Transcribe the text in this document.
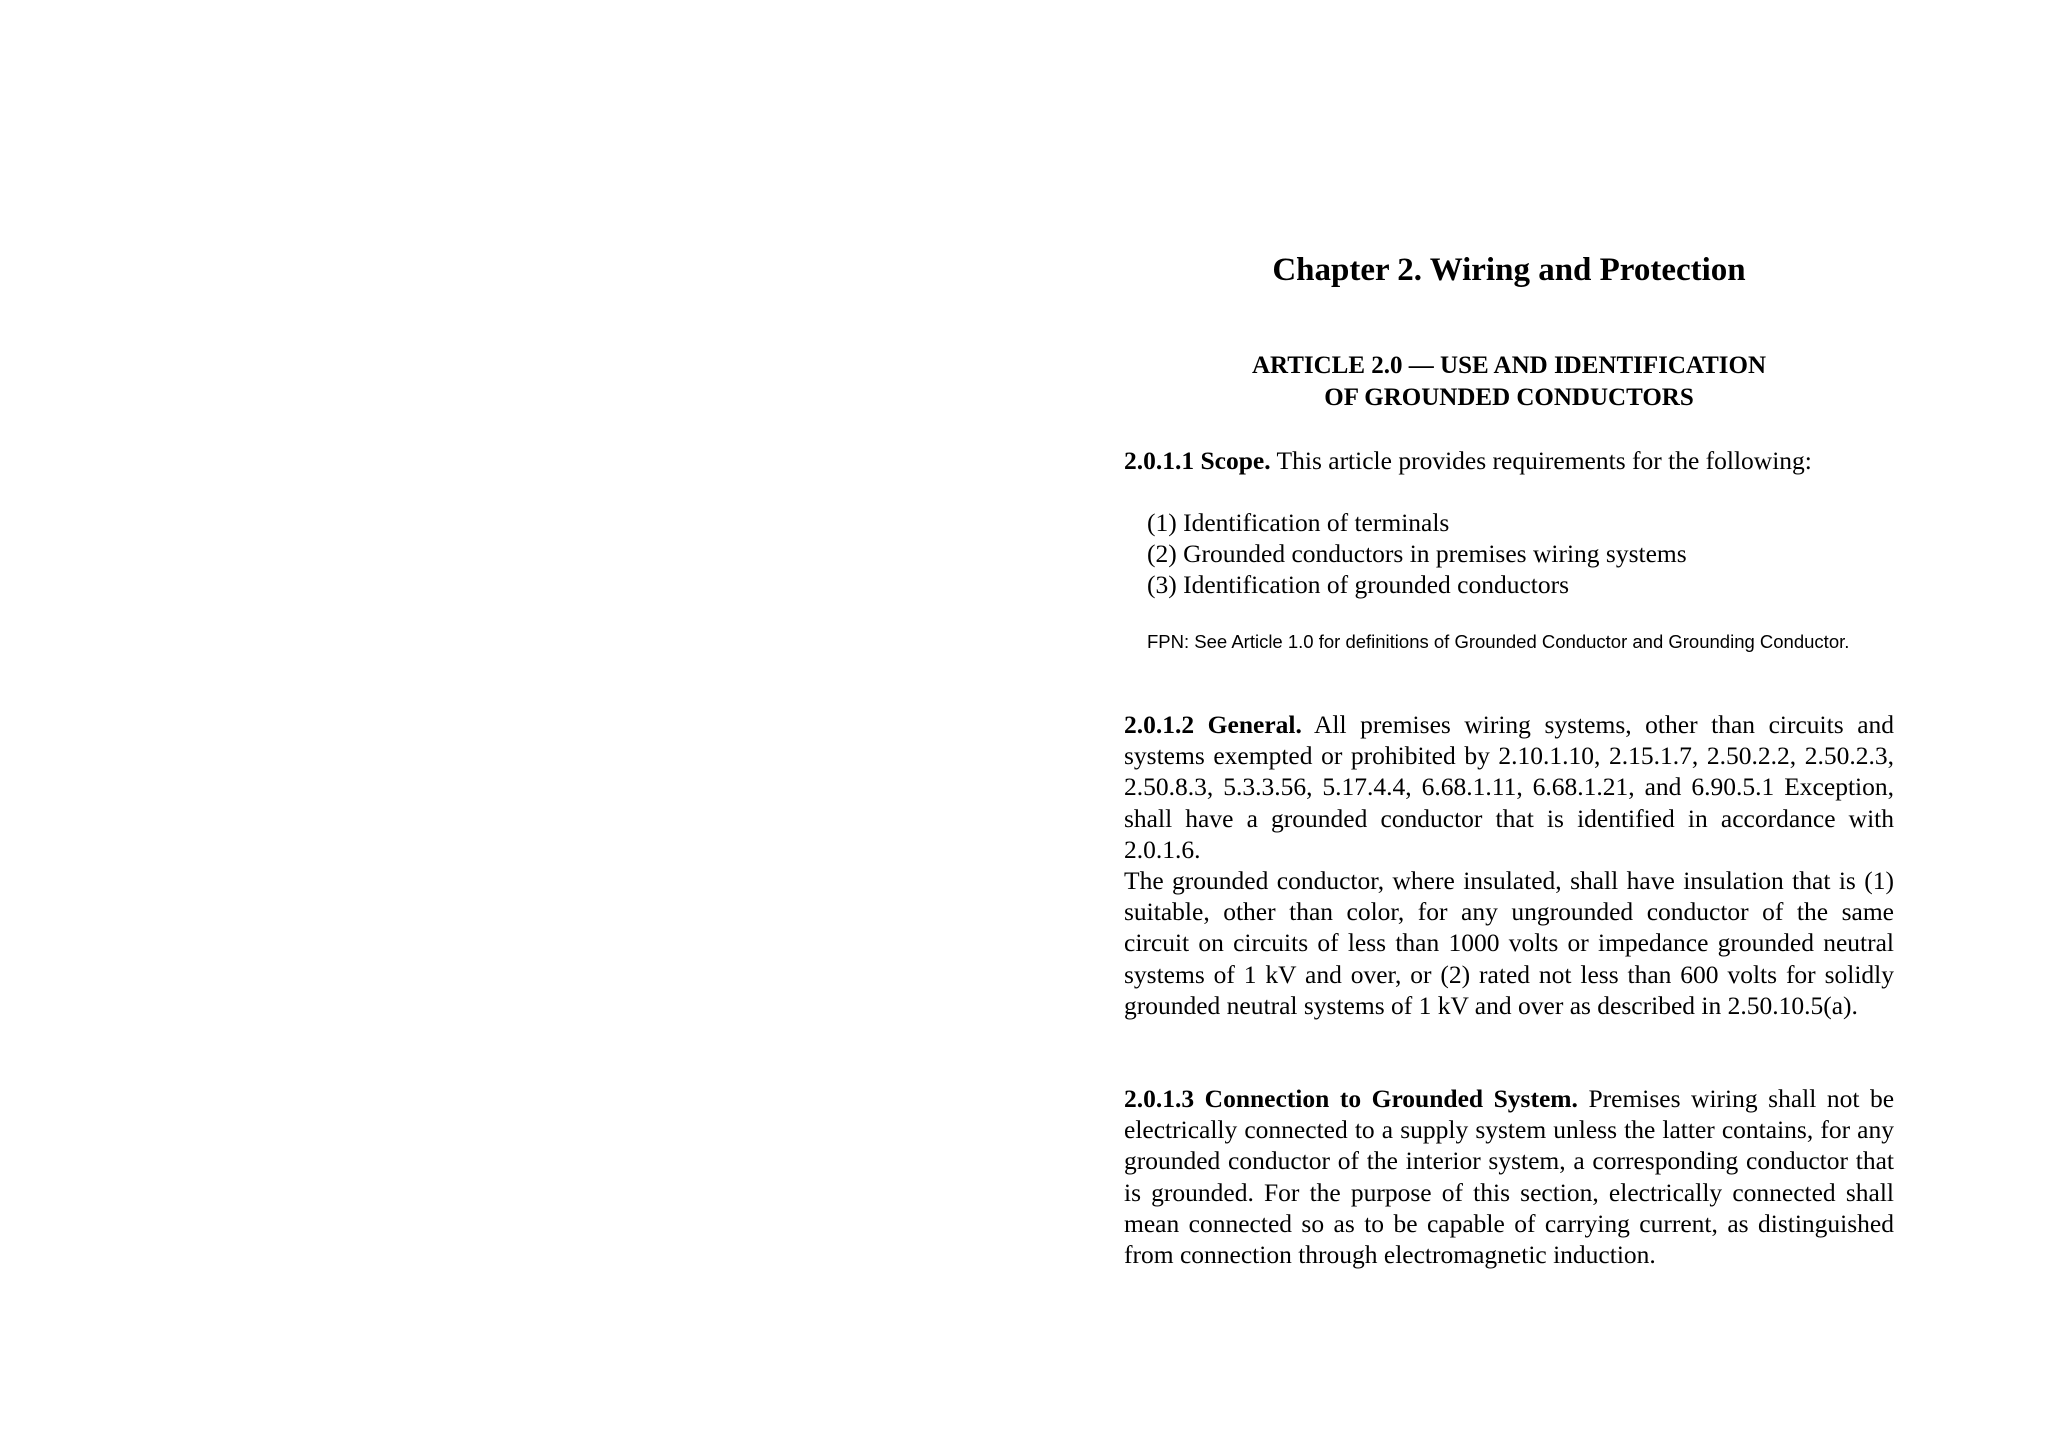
Chapter 2. Wiring and Protection
ARTICLE 2.0 — USE AND IDENTIFICATION
OF GROUNDED CONDUCTORS

2.0.1.1 Scope. This article provides requirements for the following:

(1) Identification of terminals
(2) Grounded conductors in premises wiring systems
(3) Identification of grounded conductors

FPN: See Article 1.0 for definitions of Grounded Conductor and Grounding Conductor.

2.0.1.2 General. All premises wiring systems, other than circuits and systems exempted or prohibited by 2.10.1.10, 2.15.1.7, 2.50.2.2, 2.50.2.3, 2.50.8.3, 5.3.3.56, 5.17.4.4, 6.68.1.11, 6.68.1.21, and 6.90.5.1 Exception, shall have a grounded conductor that is identified in accordance with 2.0.1.6.
The grounded conductor, where insulated, shall have insulation that is (1) suitable, other than color, for any ungrounded conductor of the same circuit on circuits of less than 1000 volts or impedance grounded neutral systems of 1 kV and over, or (2) rated not less than 600 volts for solidly grounded neutral systems of 1 kV and over as described in 2.50.10.5(a).

2.0.1.3 Connection to Grounded System. Premises wiring shall not be electrically connected to a supply system unless the latter contains, for any grounded conductor of the interior system, a corresponding conductor that is grounded. For the purpose of this section, electrically connected shall mean connected so as to be capable of carrying current, as distinguished from connection through electromagnetic induction.
